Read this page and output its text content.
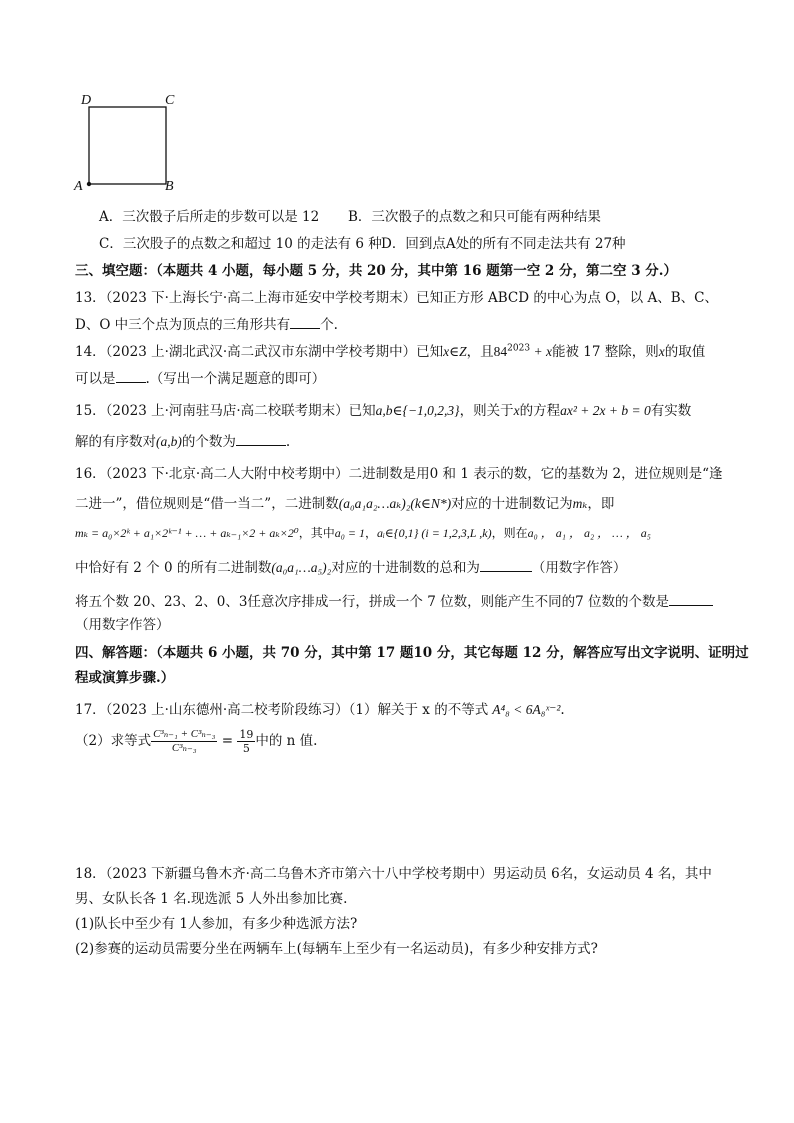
D	C
A	B
A．三次骰子后所走的步数可以是 12 B．三次骰子的点数之和只可能有两种结果
C．三次股子的点数之和超过 10 的走法有 6 种 D．回到点A处的所有不同走法共有 27种
三、填空题：（本题共 4 小题，每小题 5 分，共 20 分，其中第 16 题第一空 2 分，第二空 3 分.）
13．（2023 下·上海长宁·高二上海市延安中学校考期末）已知正方形 ABCD 的中心为点 O，以 A、B、C、
D、O 中三个点为顶点的三角形共有 个.
14．（2023 上·湖北武汉·高二武汉市东湖中学校考期中）已知x∈Z，且$84^{2023} + x$能被 17 整除，则x的取值
可以是 .（写出一个满足题意的即可）
15．（2023 上·河南驻马店·高二校联考期末）已知a,b∈{−1,0,2,3}，则关于x的方程ax² + 2x + b = 0有实数
解的有序数对(a,b)的个数为	.
16．（2023 下·北京·高二人大附中校考期中）二进制数是用0 和 1 表示的数，它的基数为 2，进位规则是“逢
二进一”，借位规则是“借一当二”，二进制数(a₀a₁a₂…aₖ)₂(k∈N*)对应的十进制数记为mₖ，即
mₖ = a₀×2ᵏ + a₁×2ᵏ⁻¹ + … + aₖ₋₁×2 + aₖ×2⁰，其中a₀ = 1，aᵢ∈{0,1} (i = 1,2,3,L ,k)，则在a₀ ， a₁ ， a₂ ， … ， a₅
中恰好有 2 个 0 的所有二进制数(a₀a₁…a₅)₂对应的十进制数的总和为	（用数字作答）
将五个数 20、23、2、0、3任意次序排成一行，拼成一个 7 位数，则能产生不同的7 位数的个数是
（用数字作答）
四、解答题：（本题共 6 小题，共 70 分，其中第 17 题10 分，其它每题 12 分，解答应写出文字说明、证明过
程或演算步骤.）
17．（2023 上·山东德州·高二校考阶段练习）（1）解关于 x 的不等式 A⁴₈ < 6A₈ˣ⁻².
（2）求等式 $\frac{\text{C³ₙ₋₁ + C³ₙ₋₃}}{\text{C³ₙ₋₃}} = \frac{19}{5}$ 中的 n 值.
18．（2023 下新疆乌鲁木齐·高二乌鲁木齐市第六十八中学校考期中）男运动员 6名，女运动员 4 名，其中
男、女队长各 1 名.现选派 5 人外出参加比赛.
(1)队长中至少有 1人参加，有多少种选派方法?
(2)参赛的运动员需要分坐在两辆车上(每辆车上至少有一名运动员)，有多少种安排方式?
